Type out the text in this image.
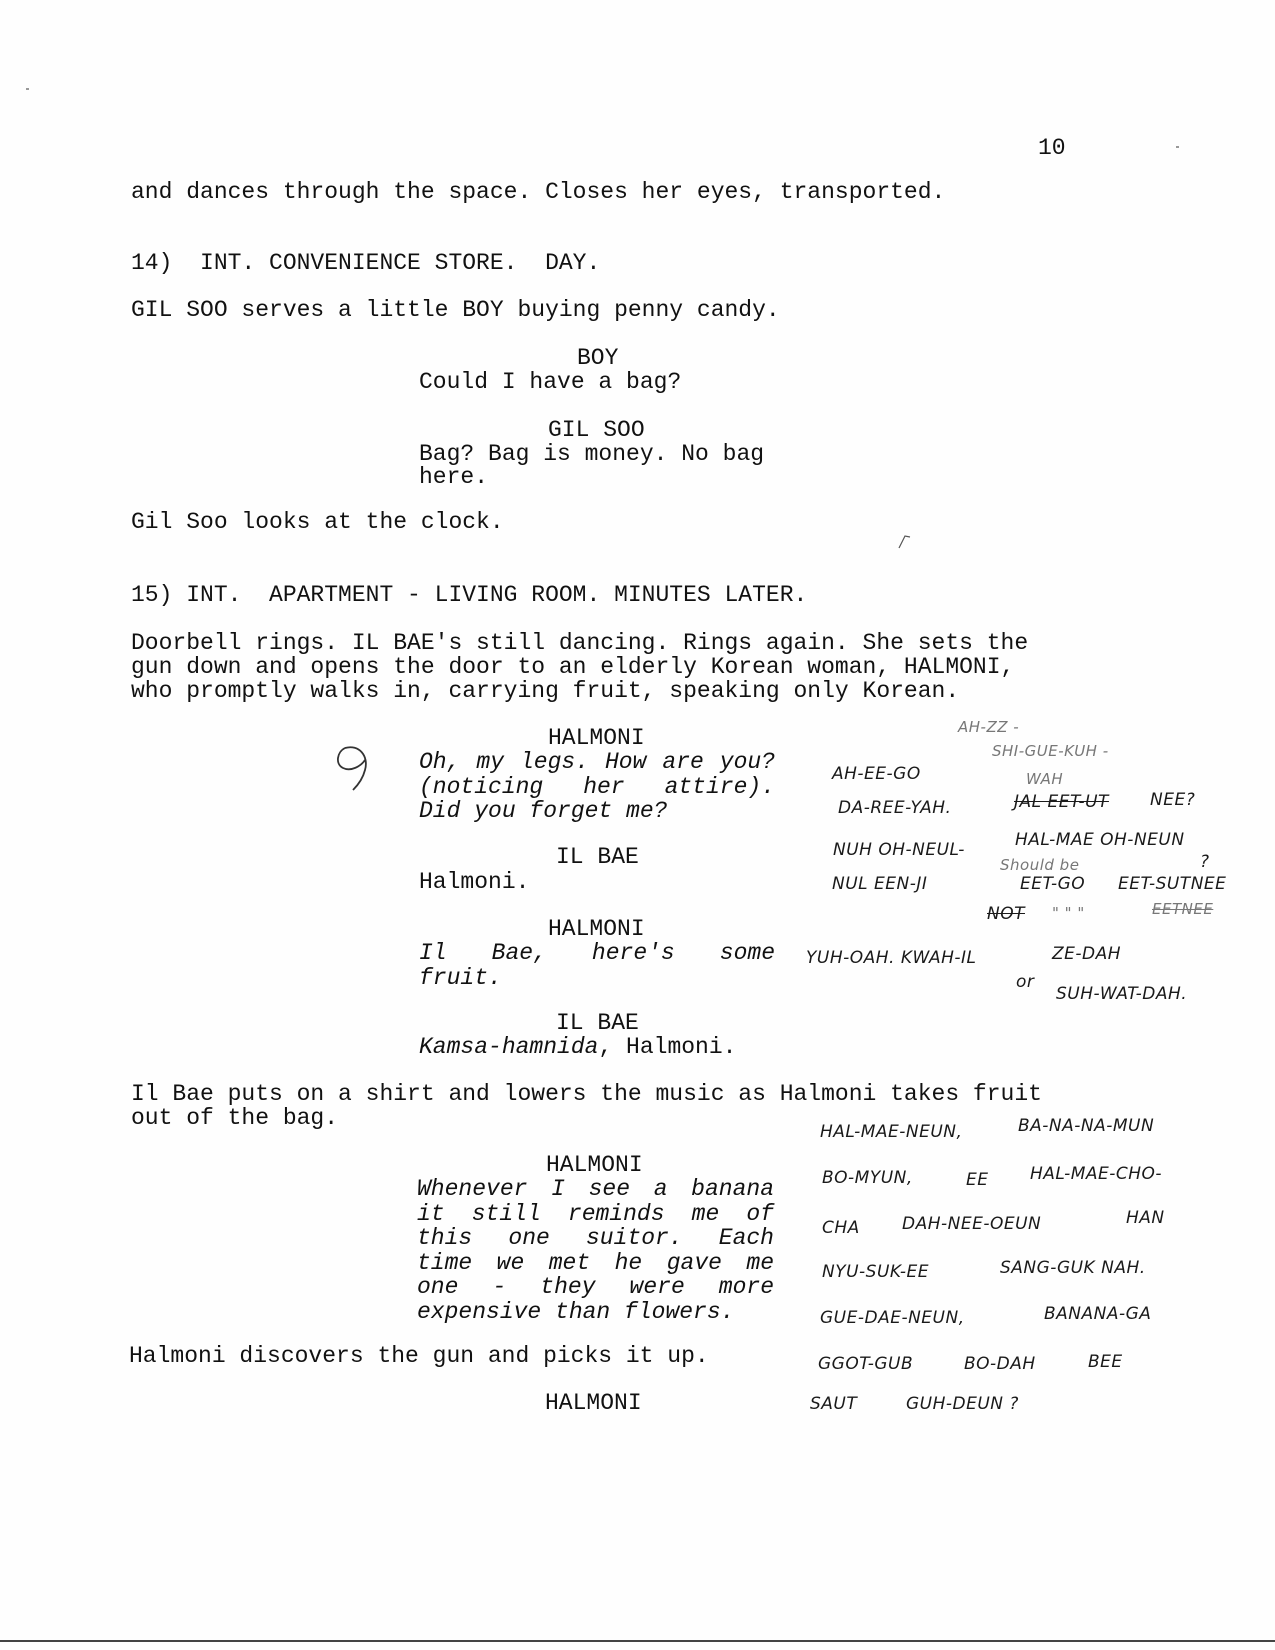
10
and dances through the space. Closes her eyes, transported.
14)  INT. CONVENIENCE STORE.  DAY.
GIL SOO serves a little BOY buying penny candy.
BOY
Could I have a bag?
GIL SOO
Bag? Bag is money. No bag
here.
Gil Soo looks at the clock.
15) INT.  APARTMENT - LIVING ROOM. MINUTES LATER.
Doorbell rings. IL BAE's still dancing. Rings again. She sets the
gun down and opens the door to an elderly Korean woman, HALMONI,
who promptly walks in, carrying fruit, speaking only Korean.
HALMONI
Oh, my legs. How are you?
(noticing her attire).
Did you forget me?
IL BAE
Halmoni.
HALMONI
Il Bae, here's some
fruit.
IL BAE
Kamsa-hamnida, Halmoni.
Il Bae puts on a shirt and lowers the music as Halmoni takes fruit
out of the bag.
HALMONI
Whenever I see a banana
it still reminds me of
this one suitor. Each
time we met he gave me
one - they were more
expensive than flowers.
Halmoni discovers the gun and picks it up.
HALMONI
AH-ZZ -
SHI-GUE-KUH -
AH-EE-GO	WAH
DA-REE-YAH.	JAL EET-UT NEE?
NUH OH-NEUL-	HAL-MAE OH-NEUN
Should be	?
NUL EEN-JI	EET-GO EET-SUTNEE
NOT " " "	EETNEE
YUH-OAH. KWAH-IL	ZE-DAH
or
SUH-WAT-DAH.
HAL-MAE-NEUN,	BA-NA-NA-MUN
BO-MYUN,	EE HAL-MAE-CHO-
CHA DAH-NEE-OEUN	HAN
NYU-SUK-EE	SANG-GUK NAH.
GUE-DAE-NEUN,	BANANA-GA
GGOT-GUB	BO-DAH	BEE
SAUT	GUH-DEUN ?
